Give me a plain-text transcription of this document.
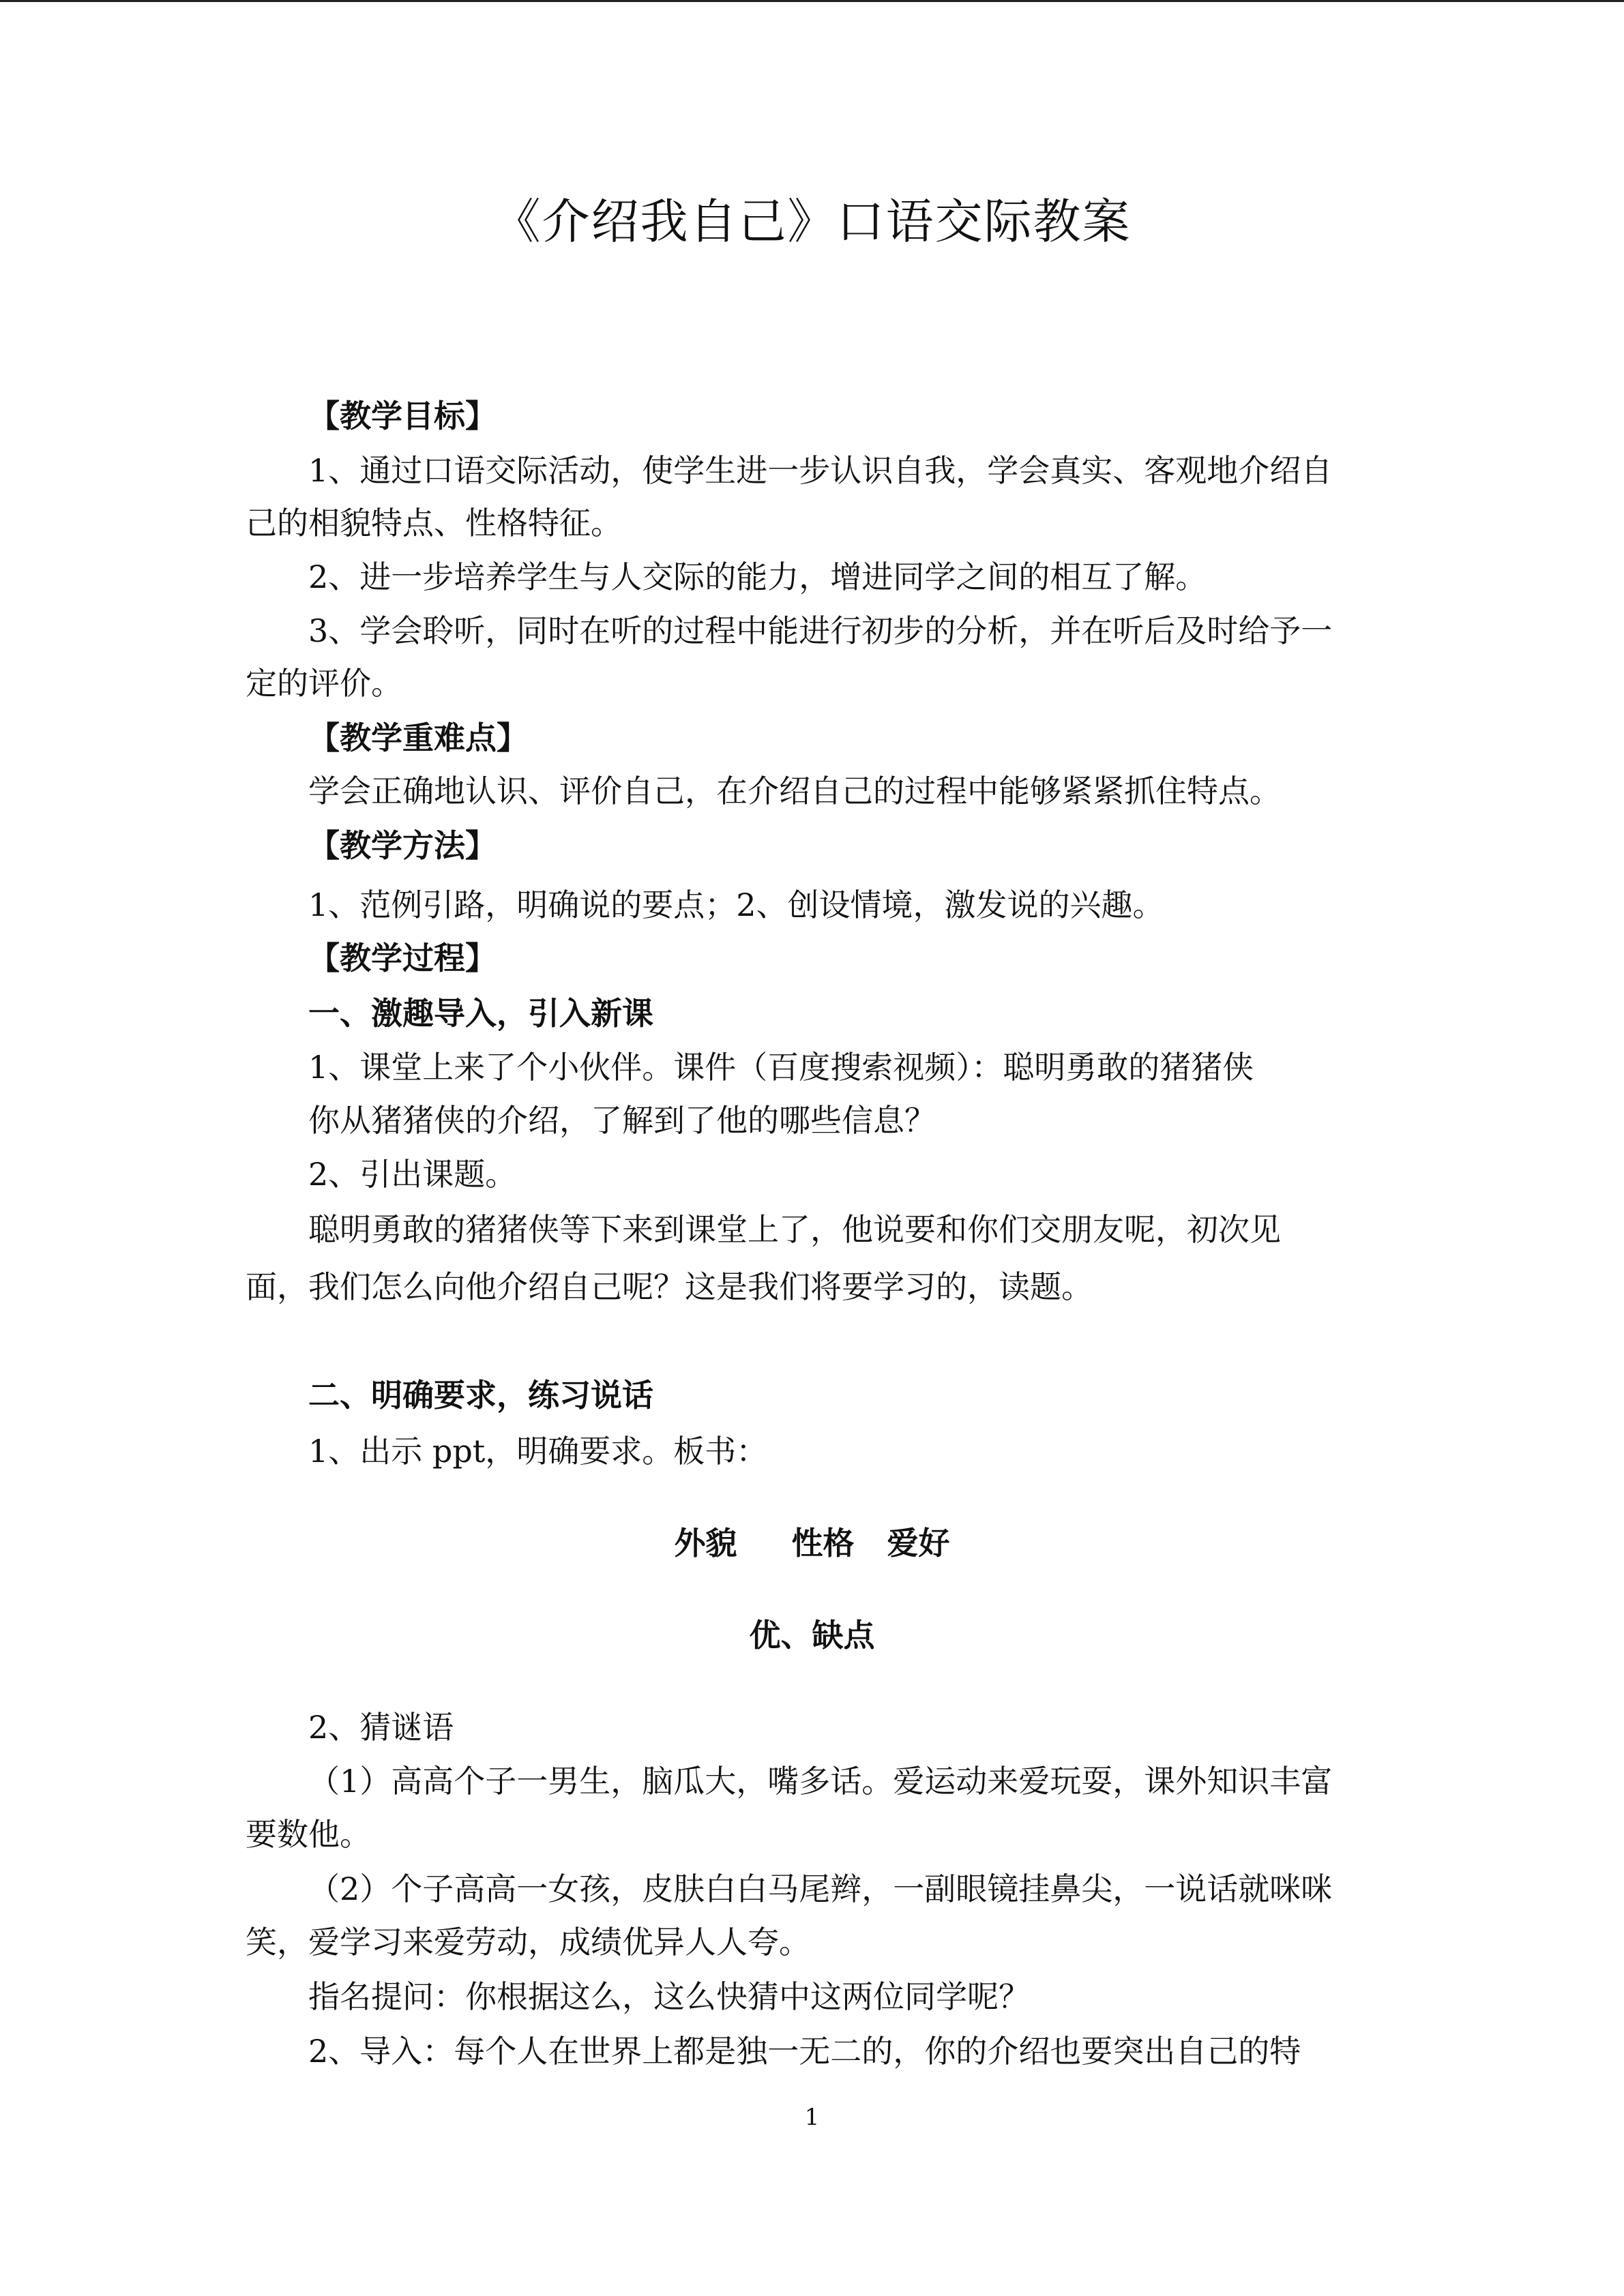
《介绍我自己》口语交际教案
【教学目标】
1、通过口语交际活动，使学生进一步认识自我，学会真实、客观地介绍自
己的相貌特点、性格特征。
2、进一步培养学生与人交际的能力，增进同学之间的相互了解。
3、学会聆听，同时在听的过程中能进行初步的分析，并在听后及时给予一
定的评价。
【教学重难点】
学会正确地认识、评价自己，在介绍自己的过程中能够紧紧抓住特点。
【教学方法】
1、范例引路，明确说的要点；2、创设情境，激发说的兴趣。
【教学过程】
一、激趣导入，引入新课
1、课堂上来了个小伙伴。课件（百度搜索视频）：聪明勇敢的猪猪侠
你从猪猪侠的介绍，了解到了他的哪些信息？
2、引出课题。
聪明勇敢的猪猪侠等下来到课堂上了，他说要和你们交朋友呢，初次见
面，我们怎么向他介绍自己呢？这是我们将要学习的，读题。
二、明确要求，练习说话
1、出示 ppt，明确要求。板书：
外貌     性格   爱好
优、缺点
2、猜谜语
（1）高高个子一男生，脑瓜大，嘴多话。爱运动来爱玩耍，课外知识丰富
要数他。
（2）个子高高一女孩，皮肤白白马尾辫，一副眼镜挂鼻尖，一说话就咪咪
笑，爱学习来爱劳动，成绩优异人人夸。
指名提问：你根据这么，这么快猜中这两位同学呢？
2、导入：每个人在世界上都是独一无二的，你的介绍也要突出自己的特
1
